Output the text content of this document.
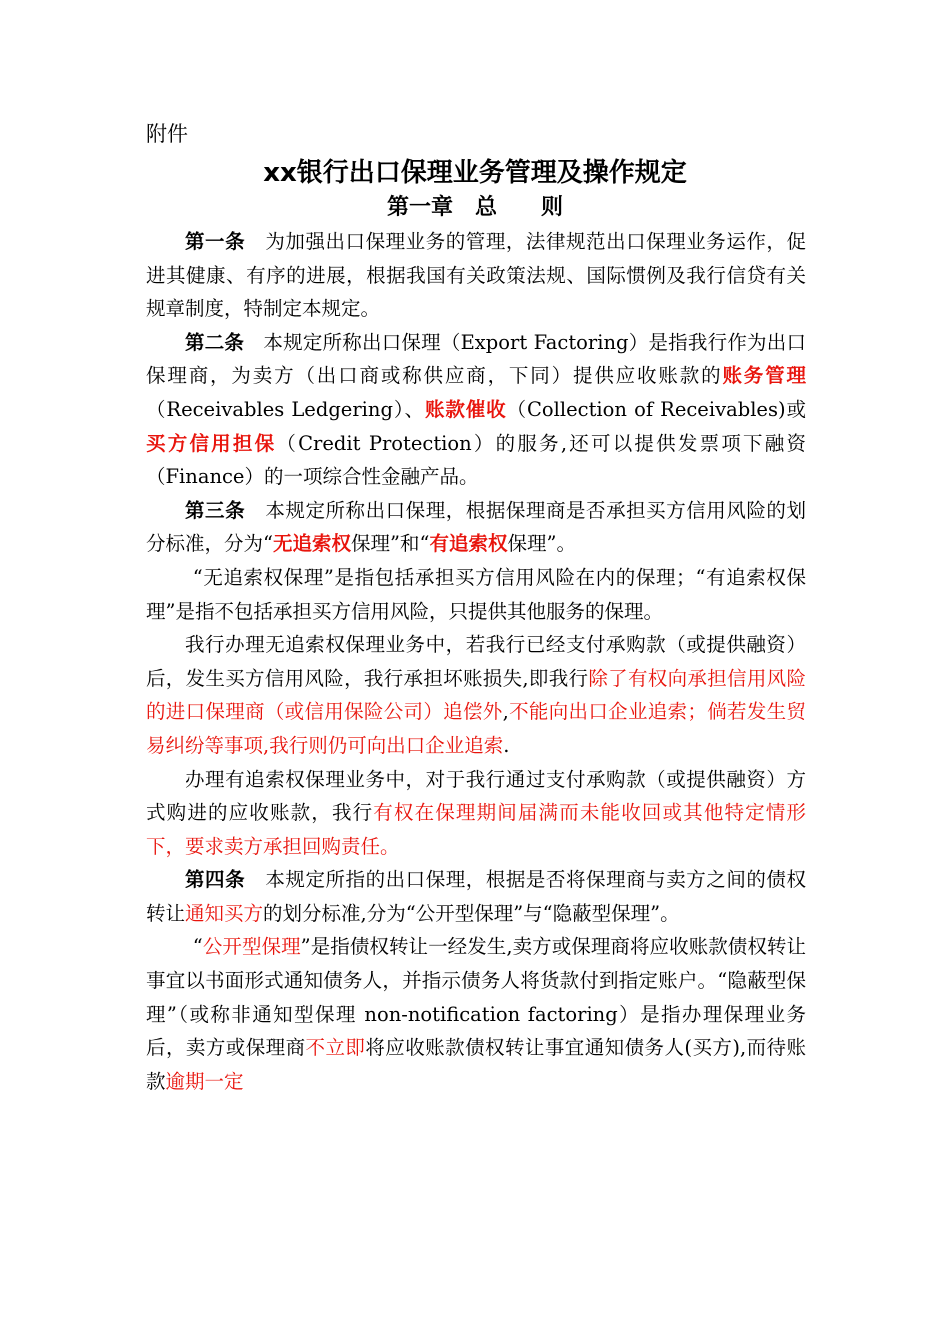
附件
xx银行出口保理业务管理及操作规定
第一章　总　　则

第一条 为加强出口保理业务的管理，法律规范出口保理业务运作，促进其健康、有序的进展，根据我国有关政策法规、国际惯例及我行信贷有关规章制度，特制定本规定。

第二条 本规定所称出口保理（Export Factoring）是指我行作为出口保理商，为卖方（出口商或称供应商，下同）提供应收账款的账务管理（Receivables Ledgering）、账款催收（Collection of Receivables)或买方信用担保（Credit Protection）的服务,还可以提供发票项下融资（Finance）的一项综合性金融产品。

第三条 本规定所称出口保理，根据保理商是否承担买方信用风险的划分标准，分为“无追索权保理”和“有追索权保理”。

“无追索权保理”是指包括承担买方信用风险在内的保理；“有追索权保理”是指不包括承担买方信用风险，只提供其他服务的保理。

我行办理无追索权保理业务中，若我行已经支付承购款（或提供融资）后，发生买方信用风险，我行承担坏账损失,即我行除了有权向承担信用风险的进口保理商（或信用保险公司）追偿外,不能向出口企业追索；倘若发生贸易纠纷等事项,我行则仍可向出口企业追索.

办理有追索权保理业务中，对于我行通过支付承购款（或提供融资）方式购进的应收账款，我行有权在保理期间届满而未能收回或其他特定情形下，要求卖方承担回购责任。

第四条 本规定所指的出口保理，根据是否将保理商与卖方之间的债权转让通知买方的划分标准,分为“公开型保理”与“隐蔽型保理”。

“公开型保理”是指债权转让一经发生,卖方或保理商将应收账款债权转让事宜以书面形式通知债务人，并指示债务人将货款付到指定账户。“隐蔽型保理”（或称非通知型保理 non-notification factoring）是指办理保理业务后，卖方或保理商不立即将应收账款债权转让事宜通知债务人(买方),而待账款逾期一定
